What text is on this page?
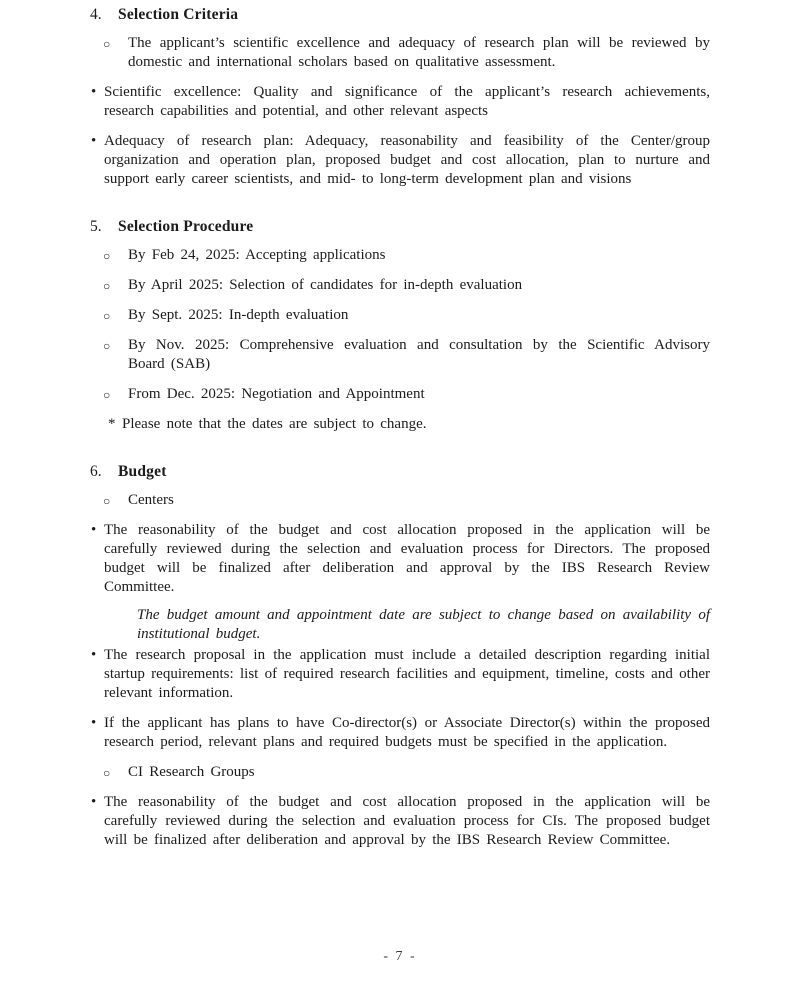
4. Selection Criteria

○ The applicant’s scientific excellence and adequacy of research plan will be reviewed by domestic and international scholars based on qualitative assessment.

• Scientific excellence: Quality and significance of the applicant’s research achievements, research capabilities and potential, and other relevant aspects

• Adequacy of research plan: Adequacy, reasonability and feasibility of the Center/group organization and operation plan, proposed budget and cost allocation, plan to nurture and support early career scientists, and mid- to long-term development plan and visions

5. Selection Procedure

○ By Feb 24, 2025: Accepting applications

○ By April 2025: Selection of candidates for in-depth evaluation

○ By Sept. 2025: In-depth evaluation

○ By Nov. 2025: Comprehensive evaluation and consultation by the Scientific Advisory Board (SAB)

○ From Dec. 2025: Negotiation and Appointment

* Please note that the dates are subject to change.

6. Budget

○ Centers

• The reasonability of the budget and cost allocation proposed in the application will be carefully reviewed during the selection and evaluation process for Directors. The proposed budget will be finalized after deliberation and approval by the IBS Research Review Committee.

The budget amount and appointment date are subject to change based on availability of institutional budget.

• The research proposal in the application must include a detailed description regarding initial startup requirements: list of required research facilities and equipment, timeline, costs and other relevant information.

• If the applicant has plans to have Co-director(s) or Associate Director(s) within the proposed research period, relevant plans and required budgets must be specified in the application.

○ CI Research Groups

• The reasonability of the budget and cost allocation proposed in the application will be carefully reviewed during the selection and evaluation process for CIs. The proposed budget will be finalized after deliberation and approval by the IBS Research Review Committee.

- 7 -
